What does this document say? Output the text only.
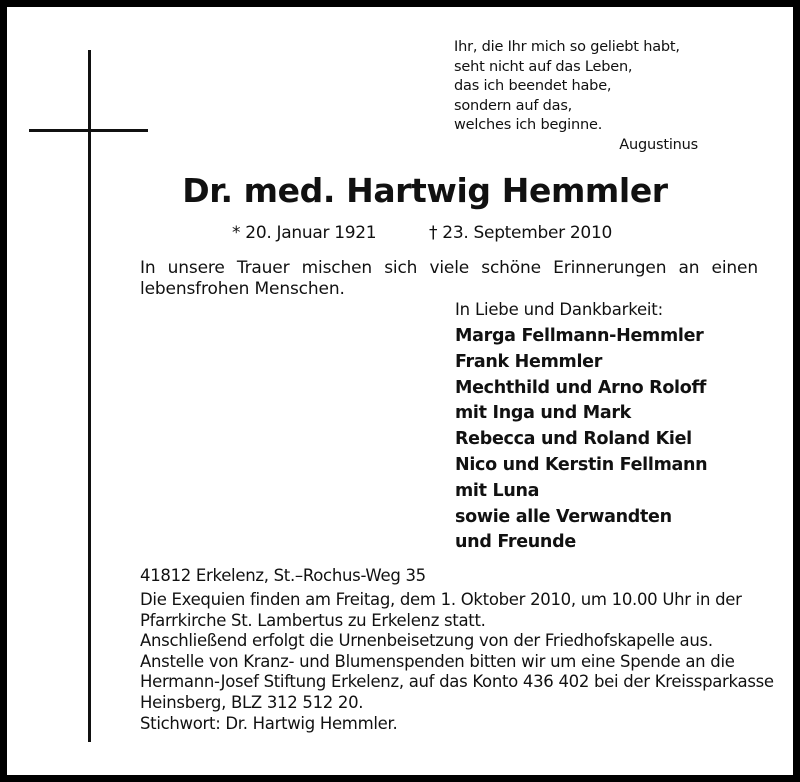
Ihr, die Ihr mich so geliebt habt,
seht nicht auf das Leben,
das ich beendet habe,
sondern auf das,
welches ich beginne.
Augustinus
Dr. med. Hartwig Hemmler
* 20. Januar 1921	† 23. September 2010
In unsere Trauer mischen sich viele schöne Erinnerungen an einen lebensfrohen Menschen.
In Liebe und Dankbarkeit:
Marga Fellmann-Hemmler
Frank Hemmler
Mechthild und Arno Roloff
mit Inga und Mark
Rebecca und Roland Kiel
Nico und Kerstin Fellmann
mit Luna
sowie alle Verwandten
und Freunde
41812 Erkelenz, St.–Rochus-Weg 35

Die Exequien finden am Freitag, dem 1. Oktober 2010, um 10.00 Uhr in der Pfarrkirche St. Lambertus zu Erkelenz statt.

Anschließend erfolgt die Urnenbeisetzung von der Friedhofskapelle aus.

Anstelle von Kranz- und Blumenspenden bitten wir um eine Spende an die Hermann-Josef Stiftung Erkelenz, auf das Konto 436 402 bei der Kreissparkasse Heinsberg, BLZ 312 512 20.

Stichwort: Dr. Hartwig Hemmler.
